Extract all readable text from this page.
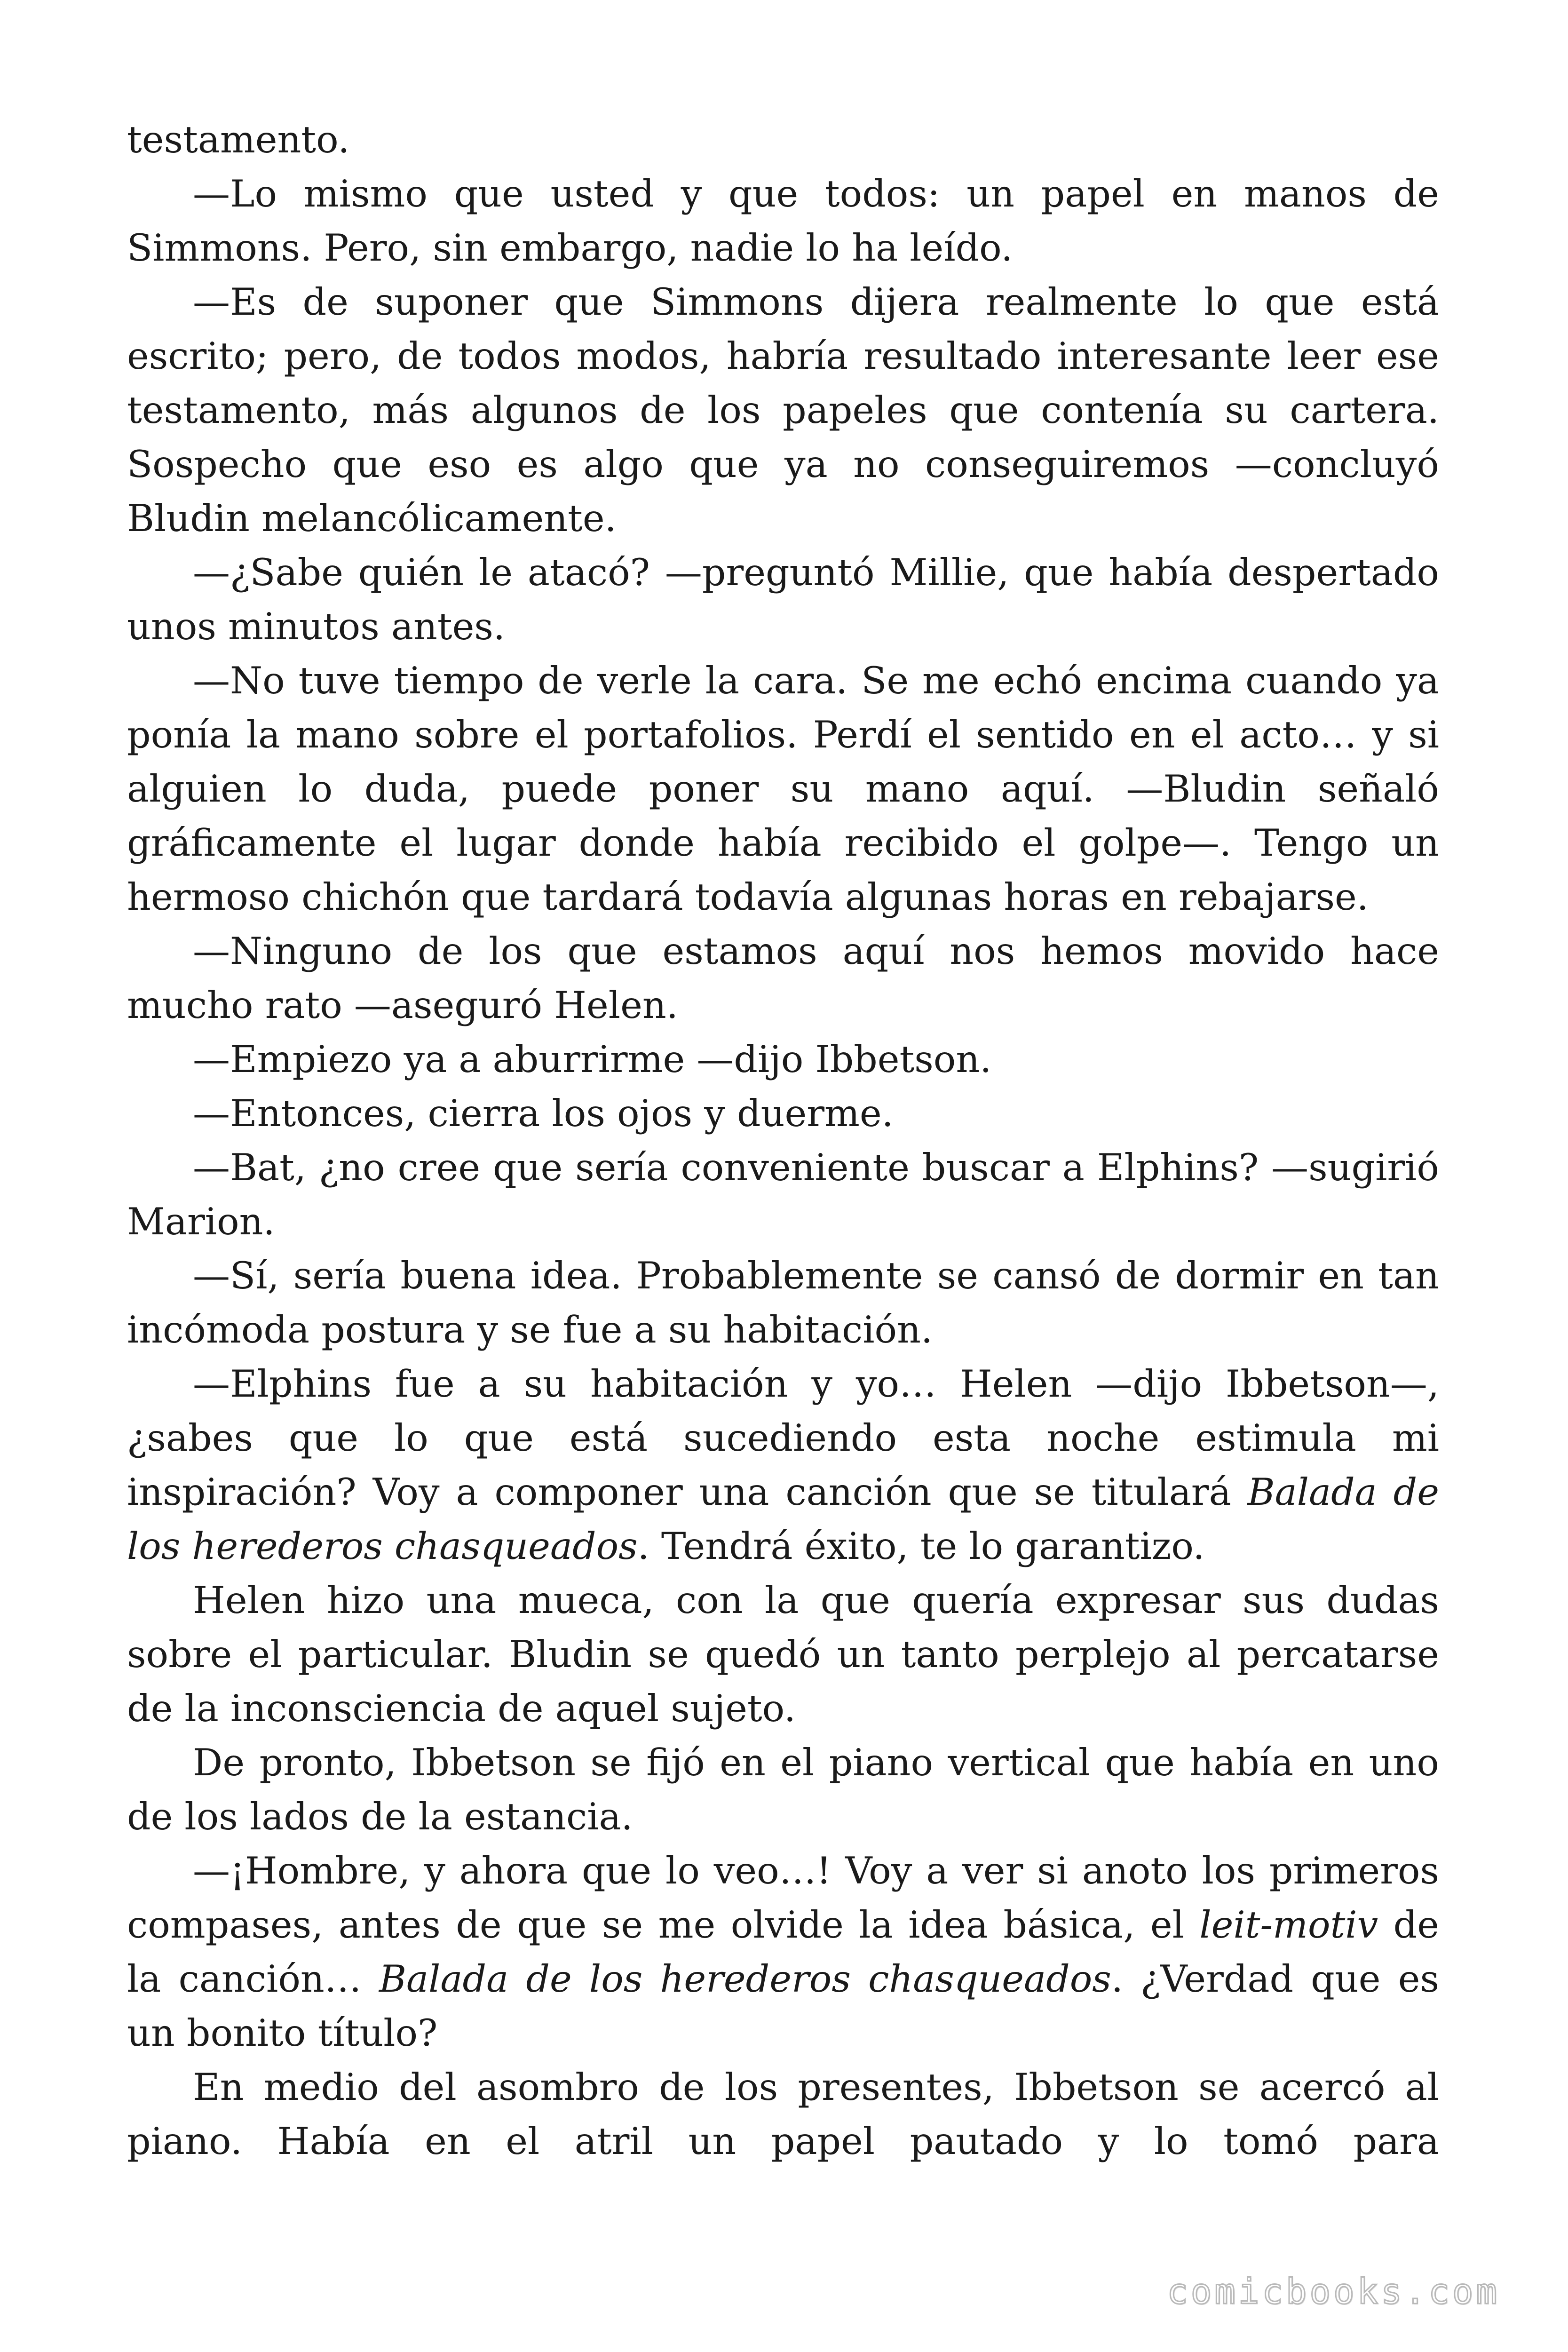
testamento.

—Lo mismo que usted y que todos: un papel en manos de Simmons. Pero, sin embargo, nadie lo ha leído.

—Es de suponer que Simmons dijera realmente lo que está escrito; pero, de todos modos, habría resultado interesante leer ese testamento, más algunos de los papeles que contenía su cartera. Sospecho que eso es algo que ya no conseguiremos —concluyó Bludin melancólicamente.

—¿Sabe quién le atacó? —preguntó Millie, que había despertado unos minutos antes.

—No tuve tiempo de verle la cara. Se me echó encima cuando ya ponía la mano sobre el portafolios. Perdí el sentido en el acto… y si alguien lo duda, puede poner su mano aquí. —Bludin señaló gráficamente el lugar donde había recibido el golpe—. Tengo un hermoso chichón que tardará todavía algunas horas en rebajarse.

—Ninguno de los que estamos aquí nos hemos movido hace mucho rato —aseguró Helen.

—Empiezo ya a aburrirme —dijo Ibbetson.

—Entonces, cierra los ojos y duerme.

—Bat, ¿no cree que sería conveniente buscar a Elphins? —sugirió Marion.

—Sí, sería buena idea. Probablemente se cansó de dormir en tan incómoda postura y se fue a su habitación.

—Elphins fue a su habitación y yo… Helen —dijo Ibbetson—, ¿sabes que lo que está sucediendo esta noche estimula mi inspiración? Voy a componer una canción que se titulará Balada de los herederos chasqueados. Tendrá éxito, te lo garantizo.

Helen hizo una mueca, con la que quería expresar sus dudas sobre el particular. Bludin se quedó un tanto perplejo al percatarse de la inconsciencia de aquel sujeto.

De pronto, Ibbetson se fijó en el piano vertical que había en uno de los lados de la estancia.

—¡Hombre, y ahora que lo veo…! Voy a ver si anoto los primeros compases, antes de que se me olvide la idea básica, el leit-motiv de la canción… Balada de los herederos chasqueados. ¿Verdad que es un bonito título?

En medio del asombro de los presentes, Ibbetson se acercó al piano. Había en el atril un papel pautado y lo tomó para

comicbooks.com
